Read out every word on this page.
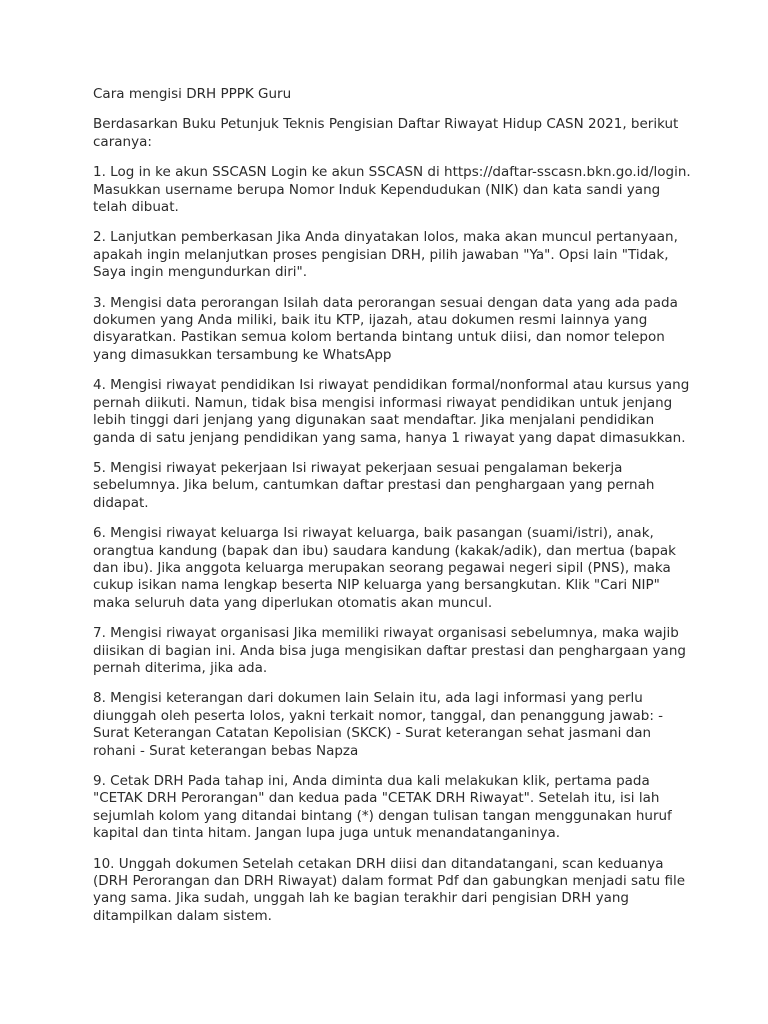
Cara mengisi DRH PPPK Guru
Berdasarkan Buku Petunjuk Teknis Pengisian Daftar Riwayat Hidup CASN 2021, berikut caranya:
1. Log in ke akun SSCASN Login ke akun SSCASN di https://daftar-sscasn.bkn.go.id/login. Masukkan username berupa Nomor Induk Kependudukan (NIK) dan kata sandi yang telah dibuat.
2. Lanjutkan pemberkasan Jika Anda dinyatakan lolos, maka akan muncul pertanyaan, apakah ingin melanjutkan proses pengisian DRH, pilih jawaban "Ya". Opsi lain "Tidak, Saya ingin mengundurkan diri".
3. Mengisi data perorangan Isilah data perorangan sesuai dengan data yang ada pada dokumen yang Anda miliki, baik itu KTP, ijazah, atau dokumen resmi lainnya yang disyaratkan. Pastikan semua kolom bertanda bintang untuk diisi, dan nomor telepon yang dimasukkan tersambung ke WhatsApp
4. Mengisi riwayat pendidikan Isi riwayat pendidikan formal/nonformal atau kursus yang pernah diikuti. Namun, tidak bisa mengisi informasi riwayat pendidikan untuk jenjang lebih tinggi dari jenjang yang digunakan saat mendaftar. Jika menjalani pendidikan ganda di satu jenjang pendidikan yang sama, hanya 1 riwayat yang dapat dimasukkan.
5. Mengisi riwayat pekerjaan Isi riwayat pekerjaan sesuai pengalaman bekerja sebelumnya. Jika belum, cantumkan daftar prestasi dan penghargaan yang pernah didapat.
6. Mengisi riwayat keluarga Isi riwayat keluarga, baik pasangan (suami/istri), anak, orangtua kandung (bapak dan ibu) saudara kandung (kakak/adik), dan mertua (bapak dan ibu). Jika anggota keluarga merupakan seorang pegawai negeri sipil (PNS), maka cukup isikan nama lengkap beserta NIP keluarga yang bersangkutan. Klik "Cari NIP" maka seluruh data yang diperlukan otomatis akan muncul.
7. Mengisi riwayat organisasi Jika memiliki riwayat organisasi sebelumnya, maka wajib diisikan di bagian ini. Anda bisa juga mengisikan daftar prestasi dan penghargaan yang pernah diterima, jika ada.
8. Mengisi keterangan dari dokumen lain Selain itu, ada lagi informasi yang perlu diunggah oleh peserta lolos, yakni terkait nomor, tanggal, dan penanggung jawab: - Surat Keterangan Catatan Kepolisian (SKCK) - Surat keterangan sehat jasmani dan rohani - Surat keterangan bebas Napza
9. Cetak DRH Pada tahap ini, Anda diminta dua kali melakukan klik, pertama pada "CETAK DRH Perorangan" dan kedua pada "CETAK DRH Riwayat". Setelah itu, isi lah sejumlah kolom yang ditandai bintang (*) dengan tulisan tangan menggunakan huruf kapital dan tinta hitam. Jangan lupa juga untuk menandatanganinya.
10. Unggah dokumen Setelah cetakan DRH diisi dan ditandatangani, scan keduanya (DRH Perorangan dan DRH Riwayat) dalam format Pdf dan gabungkan menjadi satu file yang sama. Jika sudah, unggah lah ke bagian terakhir dari pengisian DRH yang ditampilkan dalam sistem.
